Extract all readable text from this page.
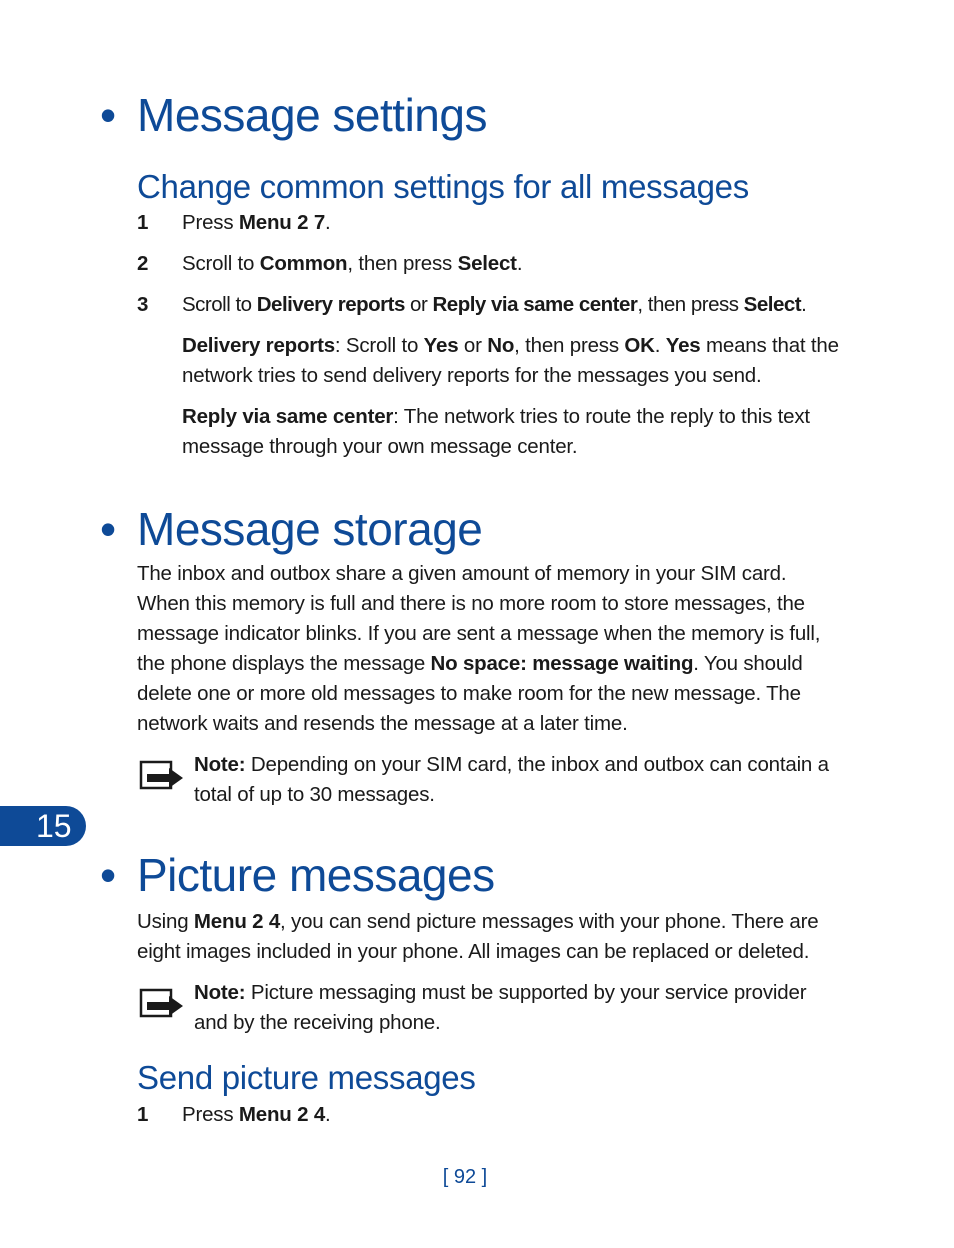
• Message settings
Change common settings for all messages
1 Press Menu 2 7.
2 Scroll to Common, then press Select.
3 Scroll to Delivery reports or Reply via same center, then press Select.
Delivery reports: Scroll to Yes or No, then press OK. Yes means that the network tries to send delivery reports for the messages you send.
Reply via same center: The network tries to route the reply to this text message through your own message center.
• Message storage
The inbox and outbox share a given amount of memory in your SIM card. When this memory is full and there is no more room to store messages, the message indicator blinks. If you are sent a message when the memory is full, the phone displays the message No space: message waiting. You should delete one or more old messages to make room for the new message. The network waits and resends the message at a later time.
Note: Depending on your SIM card, the inbox and outbox can contain a total of up to 30 messages.
15
• Picture messages
Using Menu 2 4, you can send picture messages with your phone. There are eight images included in your phone. All images can be replaced or deleted.
Note: Picture messaging must be supported by your service provider and by the receiving phone.
Send picture messages
1 Press Menu 2 4.
[ 92 ]
